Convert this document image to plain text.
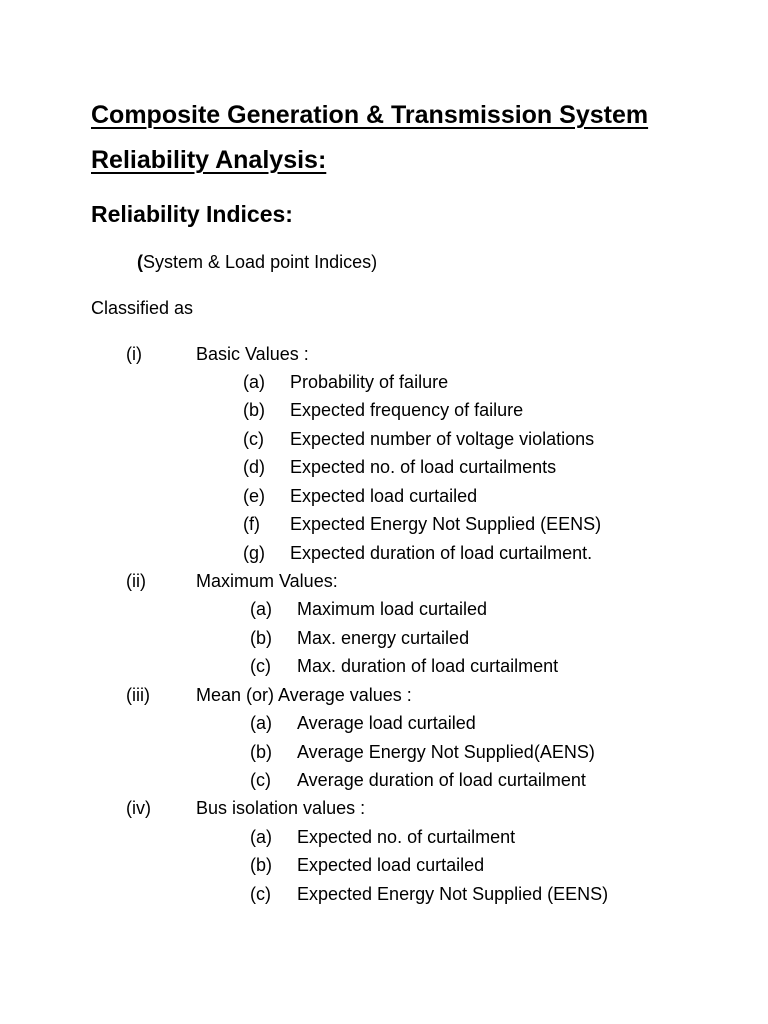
Composite Generation & Transmission System
Reliability Analysis:
Reliability Indices:
(System & Load point Indices)
Classified as
(i)	Basic Values :
(a) Probability of failure
(b) Expected frequency of failure
(c) Expected number of voltage violations
(d) Expected no. of load curtailments
(e) Expected load curtailed
(f) Expected Energy Not Supplied (EENS)
(g) Expected duration of load curtailment.
(ii)	Maximum Values:
(a) Maximum load curtailed
(b) Max. energy curtailed
(c) Max. duration of load curtailment
(iii)	Mean (or) Average values :
(a) Average load curtailed
(b) Average Energy Not Supplied(AENS)
(c) Average duration of load curtailment
(iv)	Bus isolation values :
(a) Expected no. of curtailment
(b) Expected load curtailed
(c) Expected Energy Not Supplied (EENS)
